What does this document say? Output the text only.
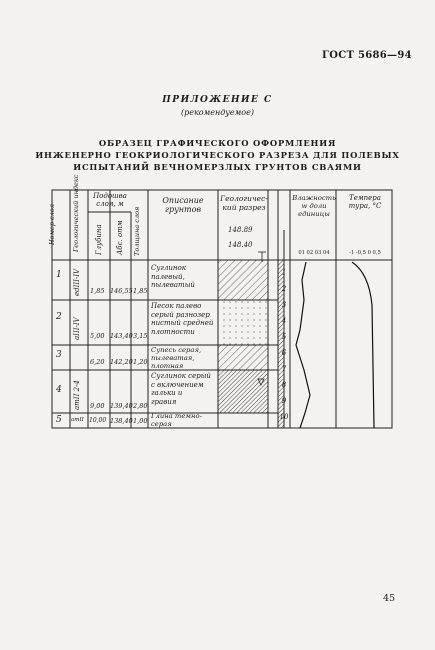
ГОСТ 5686—94
ПРИЛОЖЕНИЕ С
(рекомендуемое)
ОБРАЗЕЦ ГРАФИЧЕСКОГО ОФОРМЛЕНИЯ
ИНЖЕНЕРНО ГЕОКРИОЛОГИЧЕСКОГО РАЗРЕЗА ДЛЯ ПОЛЕВЫХ
ИСПЫТАНИЙ ВЕЧНОМЕРЗЛЫХ ГРУНТОВ СВАЯМИ
Номер слоя Геологический индекс	Подошва слоя, м
Глубина Абс. отм Толщина слоя
Описание грунтов
Геологичес-кий разрез
148.89
148.40
Влажность w доли единицы
01 02 03 04
Темпера тура, °C
-1 -0,5 0 0,5
1
2
3
4
5
6
7
8
9
10
1 edIII-IV 1,85 146,55 1,85
Суглинок
палевый,
пылеватый
2
aIII-IV 5,00 143,40 3,15
Песок палево
серый разнозер
нистый средней
плотности
3
6,20 142,20 1,20
Супесь серая,
пылеватая,
плотная
4 amII 2-4 9,00 139,40 2,80
Суглинок серый
с включением
гальки и
гравия
5 amII 10,00 138,40 1,00
Глина темно-
серая
45
